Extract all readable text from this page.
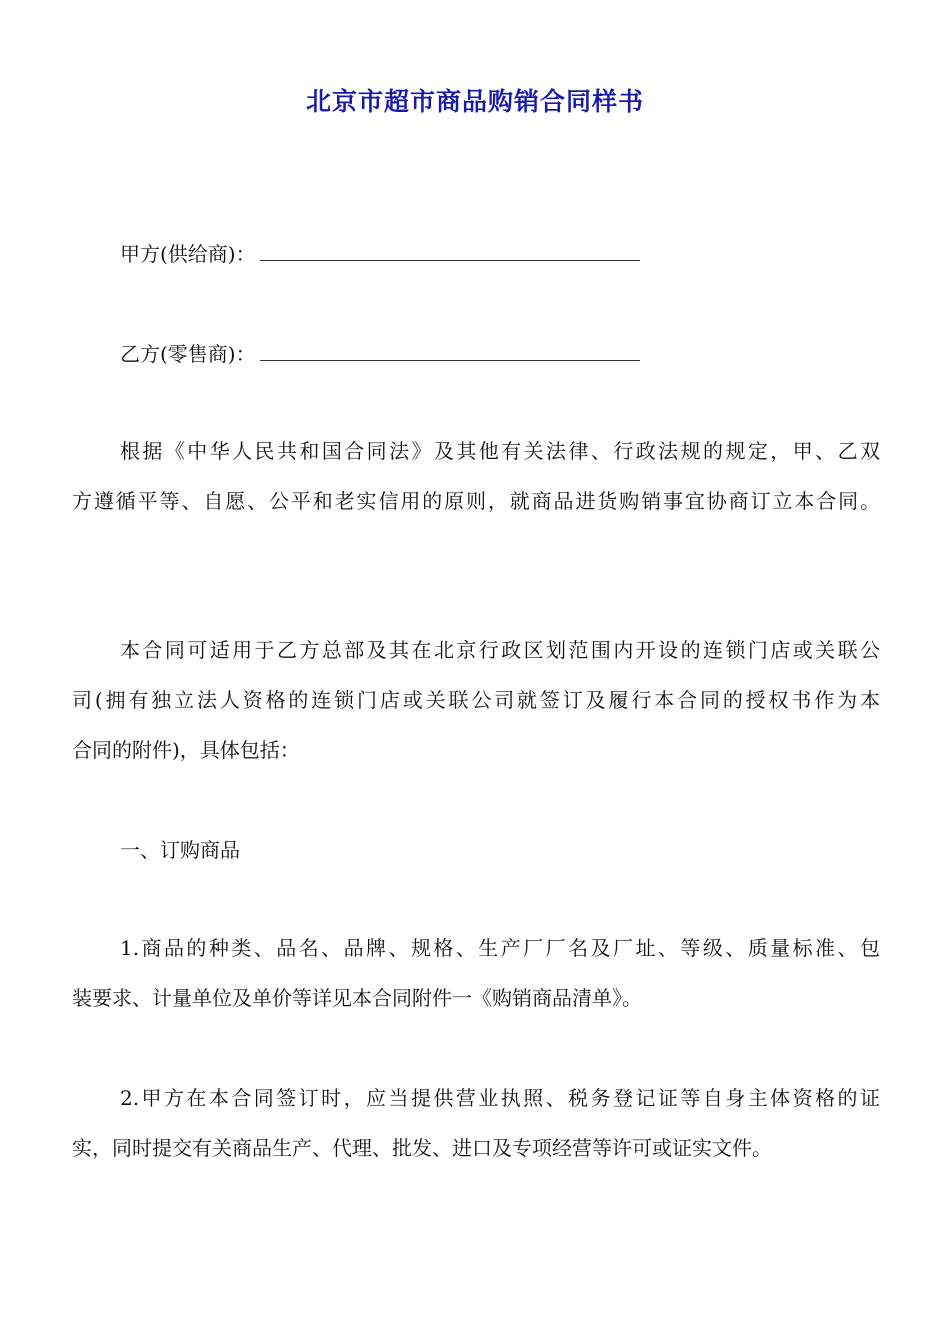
北京市超市商品购销合同样书
甲方(供给商)：
乙方(零售商)：
根据《中华人民共和国合同法》及其他有关法律、行政法规的规定，甲、乙双
方遵循平等、自愿、公平和老实信用的原则，就商品进货购销事宜协商订立本合同。
本合同可适用于乙方总部及其在北京行政区划范围内开设的连锁门店或关联公
司(拥有独立法人资格的连锁门店或关联公司就签订及履行本合同的授权书作为本
合同的附件)，具体包括：
一、订购商品
1.商品的种类、品名、品牌、规格、生产厂厂名及厂址、等级、质量标准、包
装要求、计量单位及单价等详见本合同附件一《购销商品清单》。
2.甲方在本合同签订时，应当提供营业执照、税务登记证等自身主体资格的证
实，同时提交有关商品生产、代理、批发、进口及专项经营等许可或证实文件。
